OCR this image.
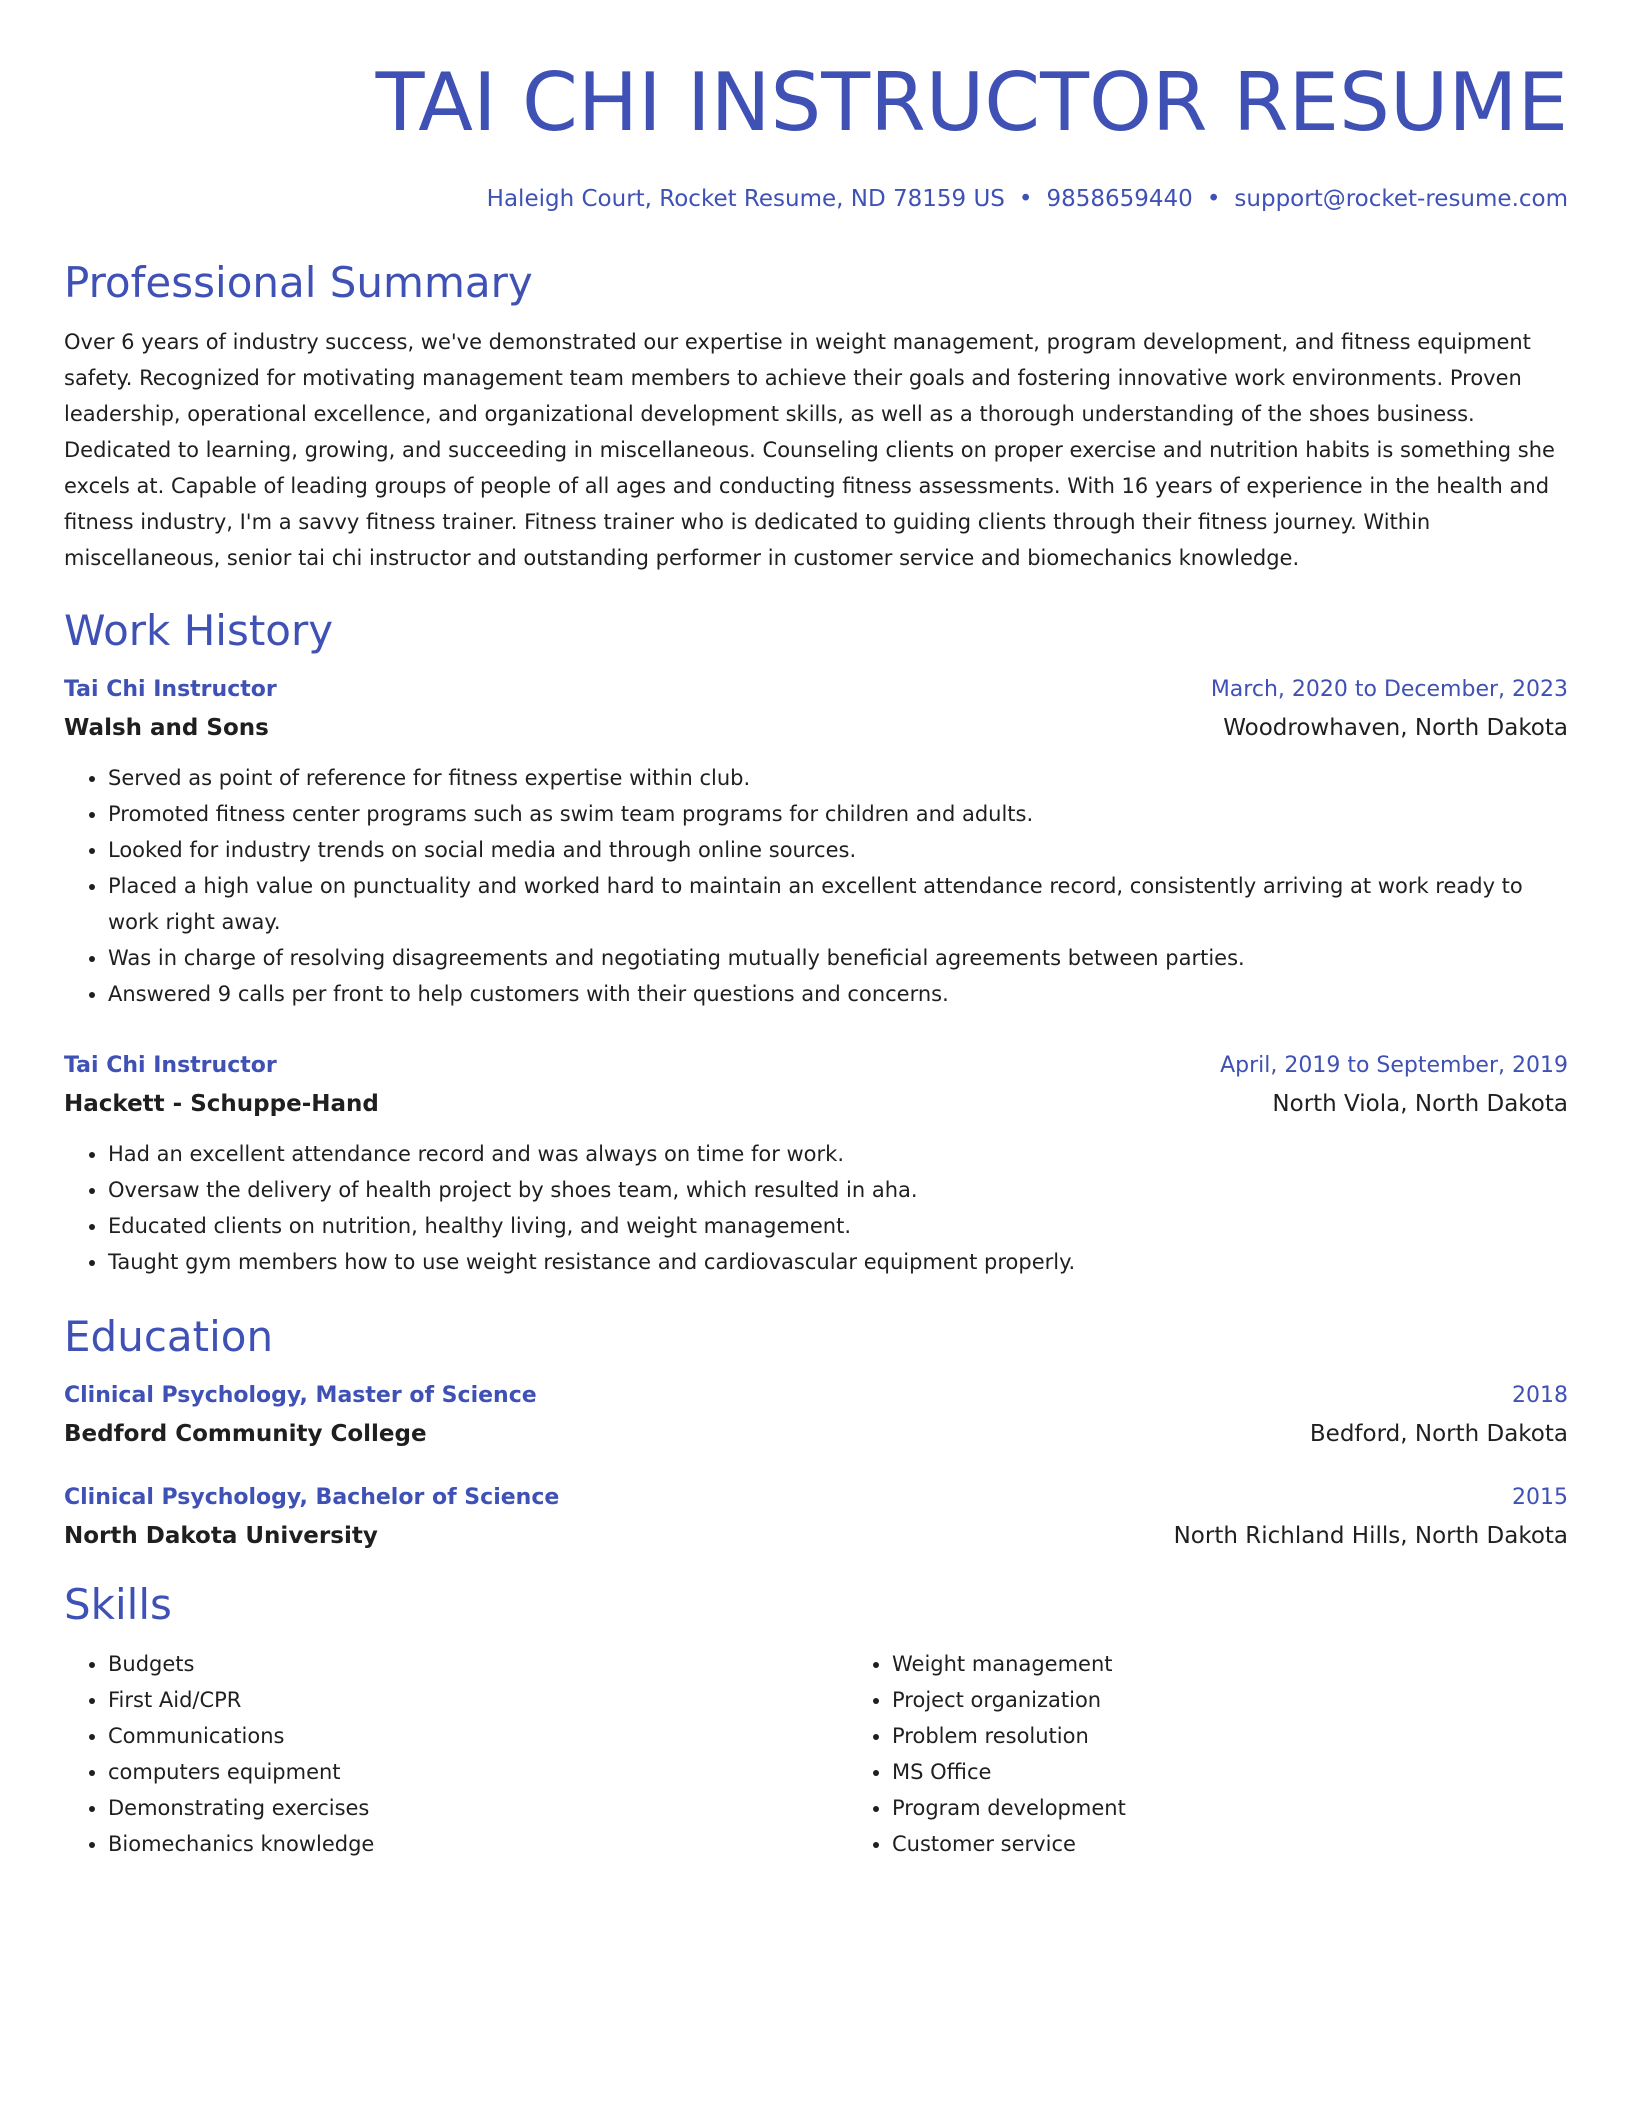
TAI CHI INSTRUCTOR RESUME
Haleigh Court, Rocket Resume, ND 78159 US • 9858659440 • support@rocket-resume.com
Professional Summary

Over 6 years of industry success, we've demonstrated our expertise in weight management, program development, and fitness equipment safety. Recognized for motivating management team members to achieve their goals and fostering innovative work environments. Proven leadership, operational excellence, and organizational development skills, as well as a thorough understanding of the shoes business. Dedicated to learning, growing, and succeeding in miscellaneous. Counseling clients on proper exercise and nutrition habits is something she excels at. Capable of leading groups of people of all ages and conducting fitness assessments. With 16 years of experience in the health and fitness industry, I'm a savvy fitness trainer. Fitness trainer who is dedicated to guiding clients through their fitness journey. Within miscellaneous, senior tai chi instructor and outstanding performer in customer service and biomechanics knowledge.

Work History
Tai Chi Instructor	March, 2020 to December, 2023
Walsh and Sons	Woodrowhaven, North Dakota
• Served as point of reference for fitness expertise within club.
• Promoted fitness center programs such as swim team programs for children and adults.
• Looked for industry trends on social media and through online sources.
• Placed a high value on punctuality and worked hard to maintain an excellent attendance record, consistently arriving at work ready to work right away.
• Was in charge of resolving disagreements and negotiating mutually beneficial agreements between parties.
• Answered 9 calls per front to help customers with their questions and concerns.
Tai Chi Instructor	April, 2019 to September, 2019
Hackett - Schuppe-Hand	North Viola, North Dakota
• Had an excellent attendance record and was always on time for work.
• Oversaw the delivery of health project by shoes team, which resulted in aha.
• Educated clients on nutrition, healthy living, and weight management.
• Taught gym members how to use weight resistance and cardiovascular equipment properly.
Education
Clinical Psychology, Master of Science	2018
Bedford Community College	Bedford, North Dakota
Clinical Psychology, Bachelor of Science	2015
North Dakota University	North Richland Hills, North Dakota
Skills
• Budgets
• First Aid/CPR
• Communications
• computers equipment
• Demonstrating exercises
• Biomechanics knowledge
• Weight management
• Project organization
• Problem resolution
• MS Office
• Program development
• Customer service
